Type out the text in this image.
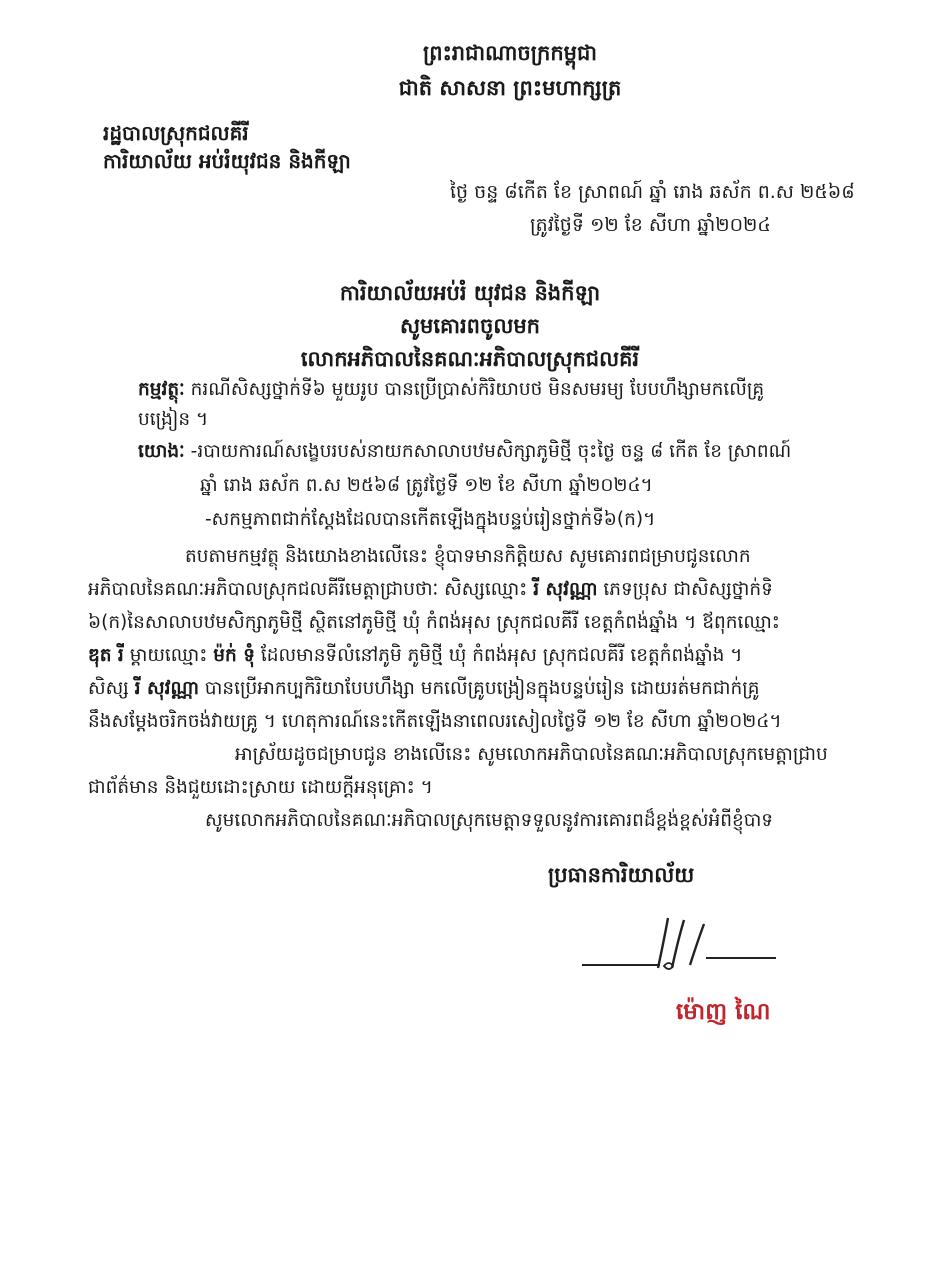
ព្រះរាជាណាចក្រកម្ពុជា
ជាតិ សាសនា ព្រះមហាក្សត្រ
រដ្ឋបាលស្រុកជលគីរី
ការិយាល័យ អប់រំយុវជន និងកីឡា
ថ្ងៃ ចន្ទ ៨កើត ខែ ស្រាពណ៍ ឆ្នាំ រោង ឆស័ក ព.ស ២៥៦៨
ត្រូវថ្ងៃទី ១២ ខែ សីហា ឆ្នាំ២០២៤
ការិយាល័យអប់រំ យុវជន និងកីឡា
សូមគោរពចូលមក
លោកអភិបាលនៃគណៈអភិបាលស្រុកជលគីរី
កម្មវត្ថុៈ ករណីសិស្សថ្នាក់ទី៦ មួយរូប បានប្រើប្រាស់កិរិយាបថ មិនសមរម្យ បែបហឹង្សាមកលើគ្រូ
បង្រៀន ។
យោងៈ -របាយការណ៍សង្ខេបរបស់នាយកសាលាបឋមសិក្សាភូមិថ្មី ចុះថ្ងៃ ចន្ទ ៨ កើត ខែ ស្រាពណ៍
ឆ្នាំ រោង ឆស័ក ព.ស ២៥៦៨ ត្រូវថ្ងៃទី ១២ ខែ សីហា ឆ្នាំ២០២៤។
-សកម្មភាពជាក់ស្តែងដែលបានកើតឡើងក្នុងបន្ទប់រៀនថ្នាក់ទី៦(ក)។
តបតាមកម្មវត្ថុ និងយោងខាងលើនេះ ខ្ញុំបាទមានកិត្តិយស សូមគោរពជម្រាបជូនលោក
អភិបាលនៃគណៈអភិបាលស្រុកជលគីរីមេត្តាជ្រាបថាៈ សិស្សឈ្មោះ រី សុវណ្ណា ភេទប្រុស ជាសិស្សថ្នាក់ទិ
៦(ក)នៃសាលាបឋមសិក្សាភូមិថ្មី ស្ថិតនៅភូមិថ្មី ឃុំ កំពង់អុស ស្រុកជលគីរី ខេត្តកំពង់ឆ្នាំង ។ ឪពុកឈ្មោះ
ឌុត រី ម្តាយឈ្មោះ ម៉ក់ ទុំ ដែលមានទីលំនៅភូមិ ភូមិថ្មី ឃុំ កំពង់អុស ស្រុកជលគីរី ខេត្តកំពង់ឆ្នាំង ។
សិស្ស រី សុវណ្ណា បានប្រើអាកប្បកិរិយាបែបហឹង្សា មកលើគ្រូបង្រៀនក្នុងបន្ទប់រៀន ដោយរត់មកជាក់គ្រូ
នឹងសម្តែងចរិកចង់វាយគ្រូ ។ ហេតុការណ៍នេះកើតឡើងនាពេលរសៀលថ្ងៃទី ១២ ខែ សីហា ឆ្នាំ២០២៤។
អាស្រ័យដូចជម្រាបជូន ខាងលើនេះ សូមលោកអភិបាលនៃគណៈអភិបាលស្រុកមេត្តាជ្រាប
ជាព័ត៌មាន និងជួយដោះស្រាយ ដោយក្តីអនុគ្រោះ ។
សូមលោកអភិបាលនៃគណៈអភិបាលស្រុកមេត្តាទទួលនូវការគោរពដ៏ខ្ពង់ខ្ពស់អំពីខ្ញុំបាទ
ប្រធានការិយាល័យ
ម៉ោញ ណៃ
